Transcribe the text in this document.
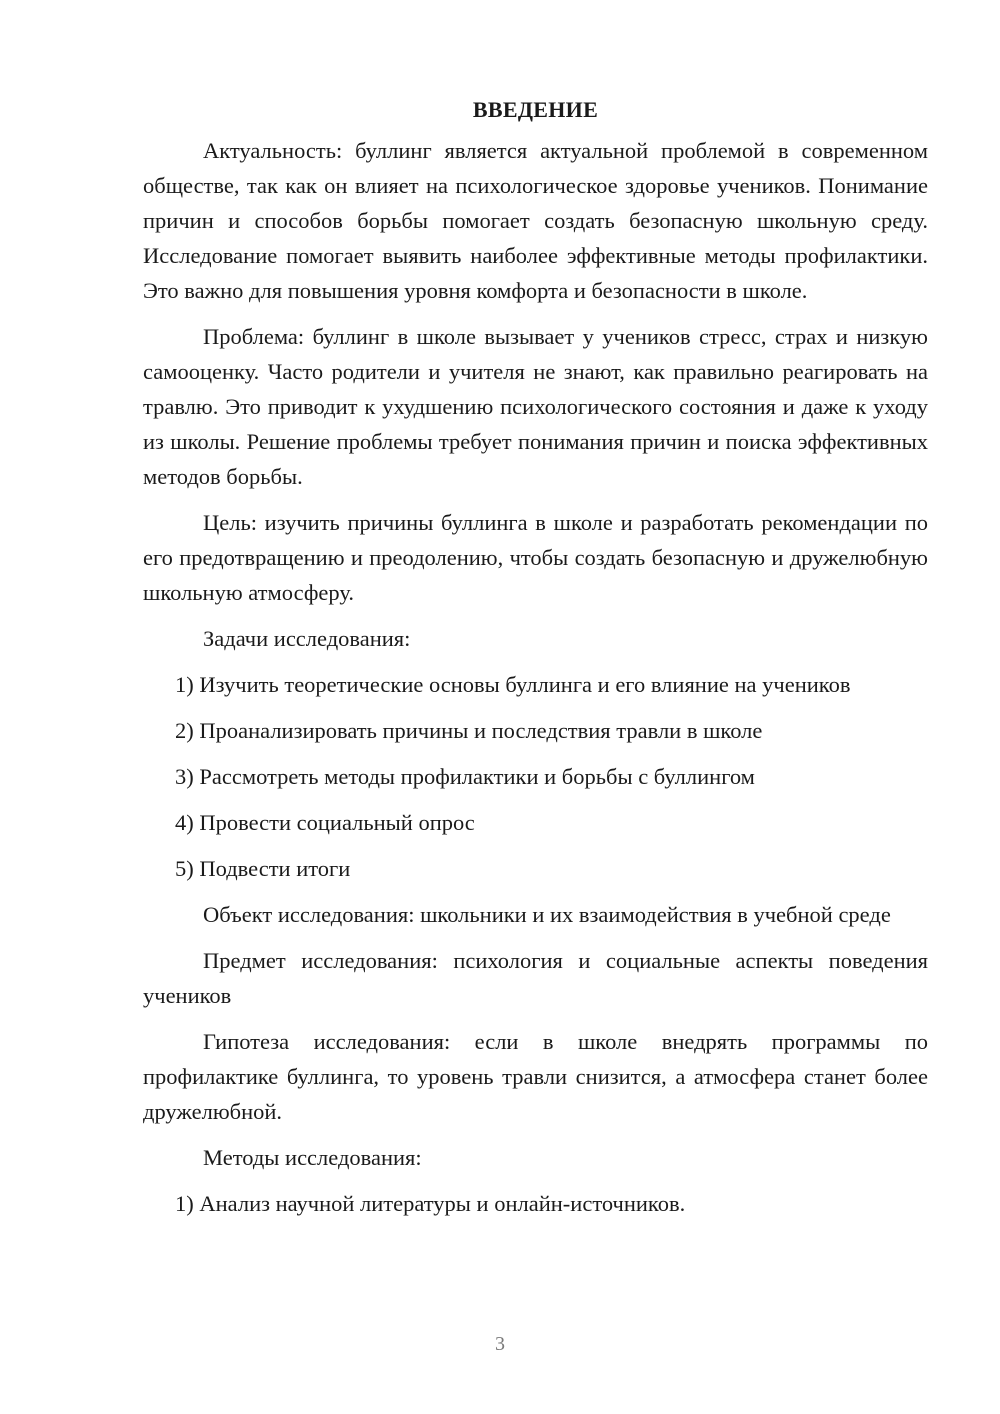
ВВЕДЕНИЕ

Актуальность: буллинг является актуальной проблемой в современном обществе, так как он влияет на психологическое здоровье учеников. Понимание причин и способов борьбы помогает создать безопасную школьную среду. Исследование помогает выявить наиболее эффективные методы профилактики. Это важно для повышения уровня комфорта и безопасности в школе.

Проблема: буллинг в школе вызывает у учеников стресс, страх и низкую самооценку. Часто родители и учителя не знают, как правильно реагировать на травлю. Это приводит к ухудшению психологического состояния и даже к уходу из школы. Решение проблемы требует понимания причин и поиска эффективных методов борьбы.

Цель: изучить причины буллинга в школе и разработать рекомендации по его предотвращению и преодолению, чтобы создать безопасную и дружелюбную школьную атмосферу.

Задачи исследования:

1) Изучить теоретические основы буллинга и его влияние на учеников
2) Проанализировать причины и последствия травли в школе
3) Рассмотреть методы профилактики и борьбы с буллингом
4) Провести социальный опрос
5) Подвести итоги

Объект исследования: школьники и их взаимодействия в учебной среде

Предмет исследования: психология и социальные аспекты поведения учеников

Гипотеза исследования: если в школе внедрять программы по профилактике буллинга, то уровень травли снизится, а атмосфера станет более дружелюбной.

Методы исследования:

1) Анализ научной литературы и онлайн-источников.
3
